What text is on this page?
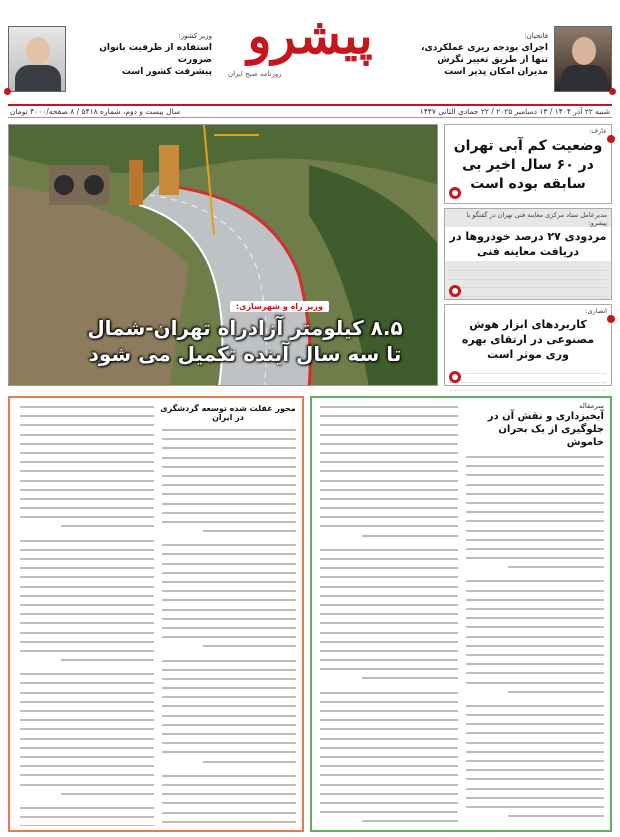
فاتحیان:
اجرای بودجه ریزی عملکردی،
تنها از طریق تغییر نگرش
مدیران امکان پذیر است
پیشرو
روزنامه صبح ایران
وزیر کشور:
استفاده از ظرفیت بانوان ضرورت
پیشرفت کشور است
شنبه ۲۲ آذر ۱۴۰۴ / ۱۳ دسامبر ۲۰۲۵ / ۲۲ جمادی الثانی ۱۴۴۷
سال بیست و دوم، شماره ۵۴۱۸ / ۸ صفحه/۴۰۰۰ تومان
وزیر راه و شهرسازی:
۸.۵ کیلومتر آزادراه تهران-شمال
تا سه سال آینده تکمیل می شود
عارف:
وضعیت کم آبی تهران در ۶۰ سال اخیر بی سابقه بوده است
مدیرعامل ستاد مرکزی معاینه فنی تهران در گفتگو با پیشرو:
مردودی ۲۷ درصد خودروها در دریافت معاینه فنی
انصاری:
کاربردهای ابزار هوش مصنوعی در ارتقای بهره وری موثر است
سرمقاله
آبخیزداری و نقش آن در جلوگیری از یک بحران خاموش
محور غفلت شده توسعه گردشگری در ایران
